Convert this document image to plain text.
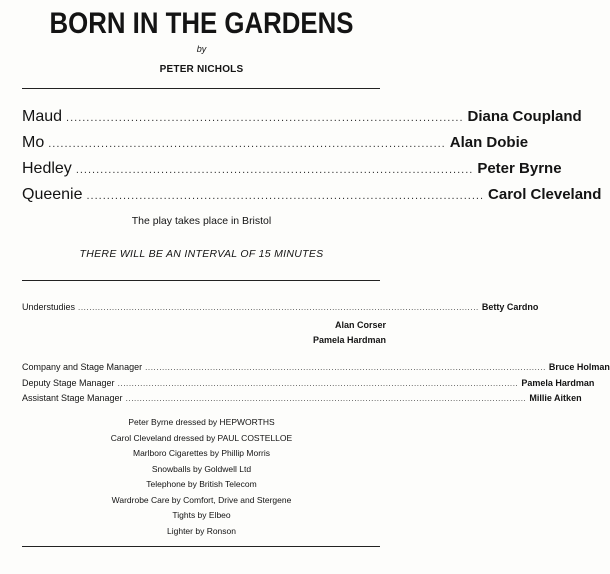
BORN IN THE GARDENS
by
PETER NICHOLS
Maud .................................................................................................. Diana Coupland
Mo .................................................................................................. Alan Dobie
Hedley .................................................................................................. Peter Byrne
Queenie .................................................................................................. Carol Cleveland
The play takes place in Bristol
THERE WILL BE AN INTERVAL OF 15 MINUTES
Understudies .............................................................................................................................................. Betty Cardno
Alan Corser
Pamela Hardman
Company and Stage Manager .............................................................................................................................................. Bruce Holman
Deputy Stage Manager .............................................................................................................................................. Pamela Hardman
Assistant Stage Manager .............................................................................................................................................. Millie Aitken
Peter Byrne dressed by HEPWORTHS
Carol Cleveland dressed by PAUL COSTELLOE
Marlboro Cigarettes by Phillip Morris
Snowballs by Goldwell Ltd
Telephone by British Telecom
Wardrobe Care by Comfort, Drive and Stergene
Tights by Elbeo
Lighter by Ronson
